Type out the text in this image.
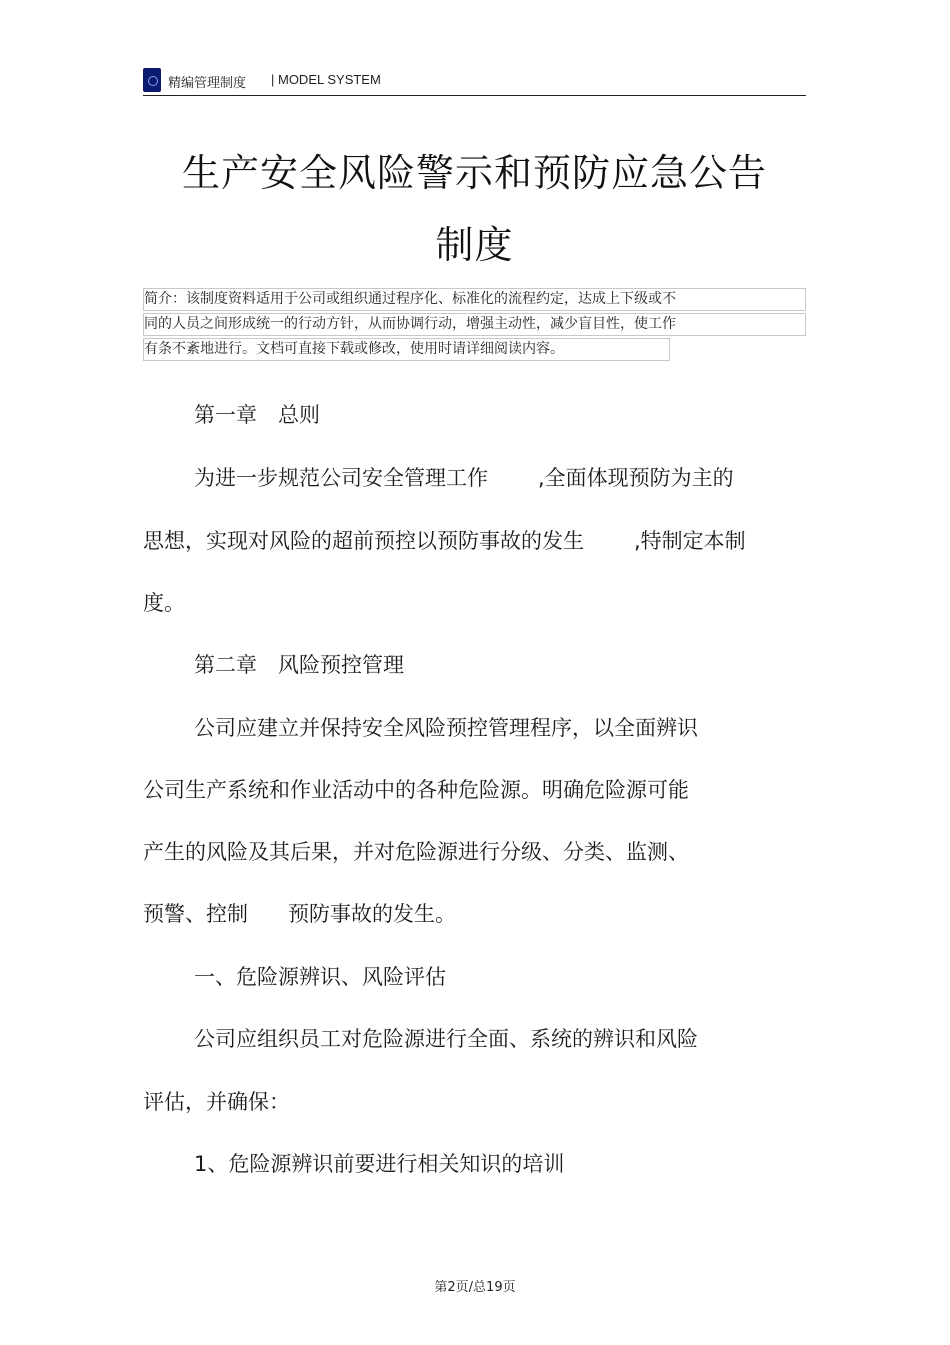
精编管理制度 | MODEL SYSTEM
生产安全风险警示和预防应急公告
制度
简介：该制度资料适用于公司或组织通过程序化、标准化的流程约定，达成上下级或不
同的人员之间形成统一的行动方针，从而协调行动，增强主动性，减少盲目性，使工作
有条不紊地进行。文档可直接下载或修改，使用时请详细阅读内容。
第一章　总则
为进一步规范公司安全管理工作 ,全面体现预防为主的
思想，实现对风险的超前预控以预防事故的发生 ,特制定本制
度。
第二章　风险预控管理
公司应建立并保持安全风险预控管理程序，以全面辨识
公司生产系统和作业活动中的各种危险源。明确危险源可能
产生的风险及其后果，并对危险源进行分级、分类、监测、
预警、控制 预防事故的发生。
一、危险源辨识、风险评估
公司应组织员工对危险源进行全面、系统的辨识和风险
评估，并确保：
1、危险源辨识前要进行相关知识的培训
第2页/总19页
